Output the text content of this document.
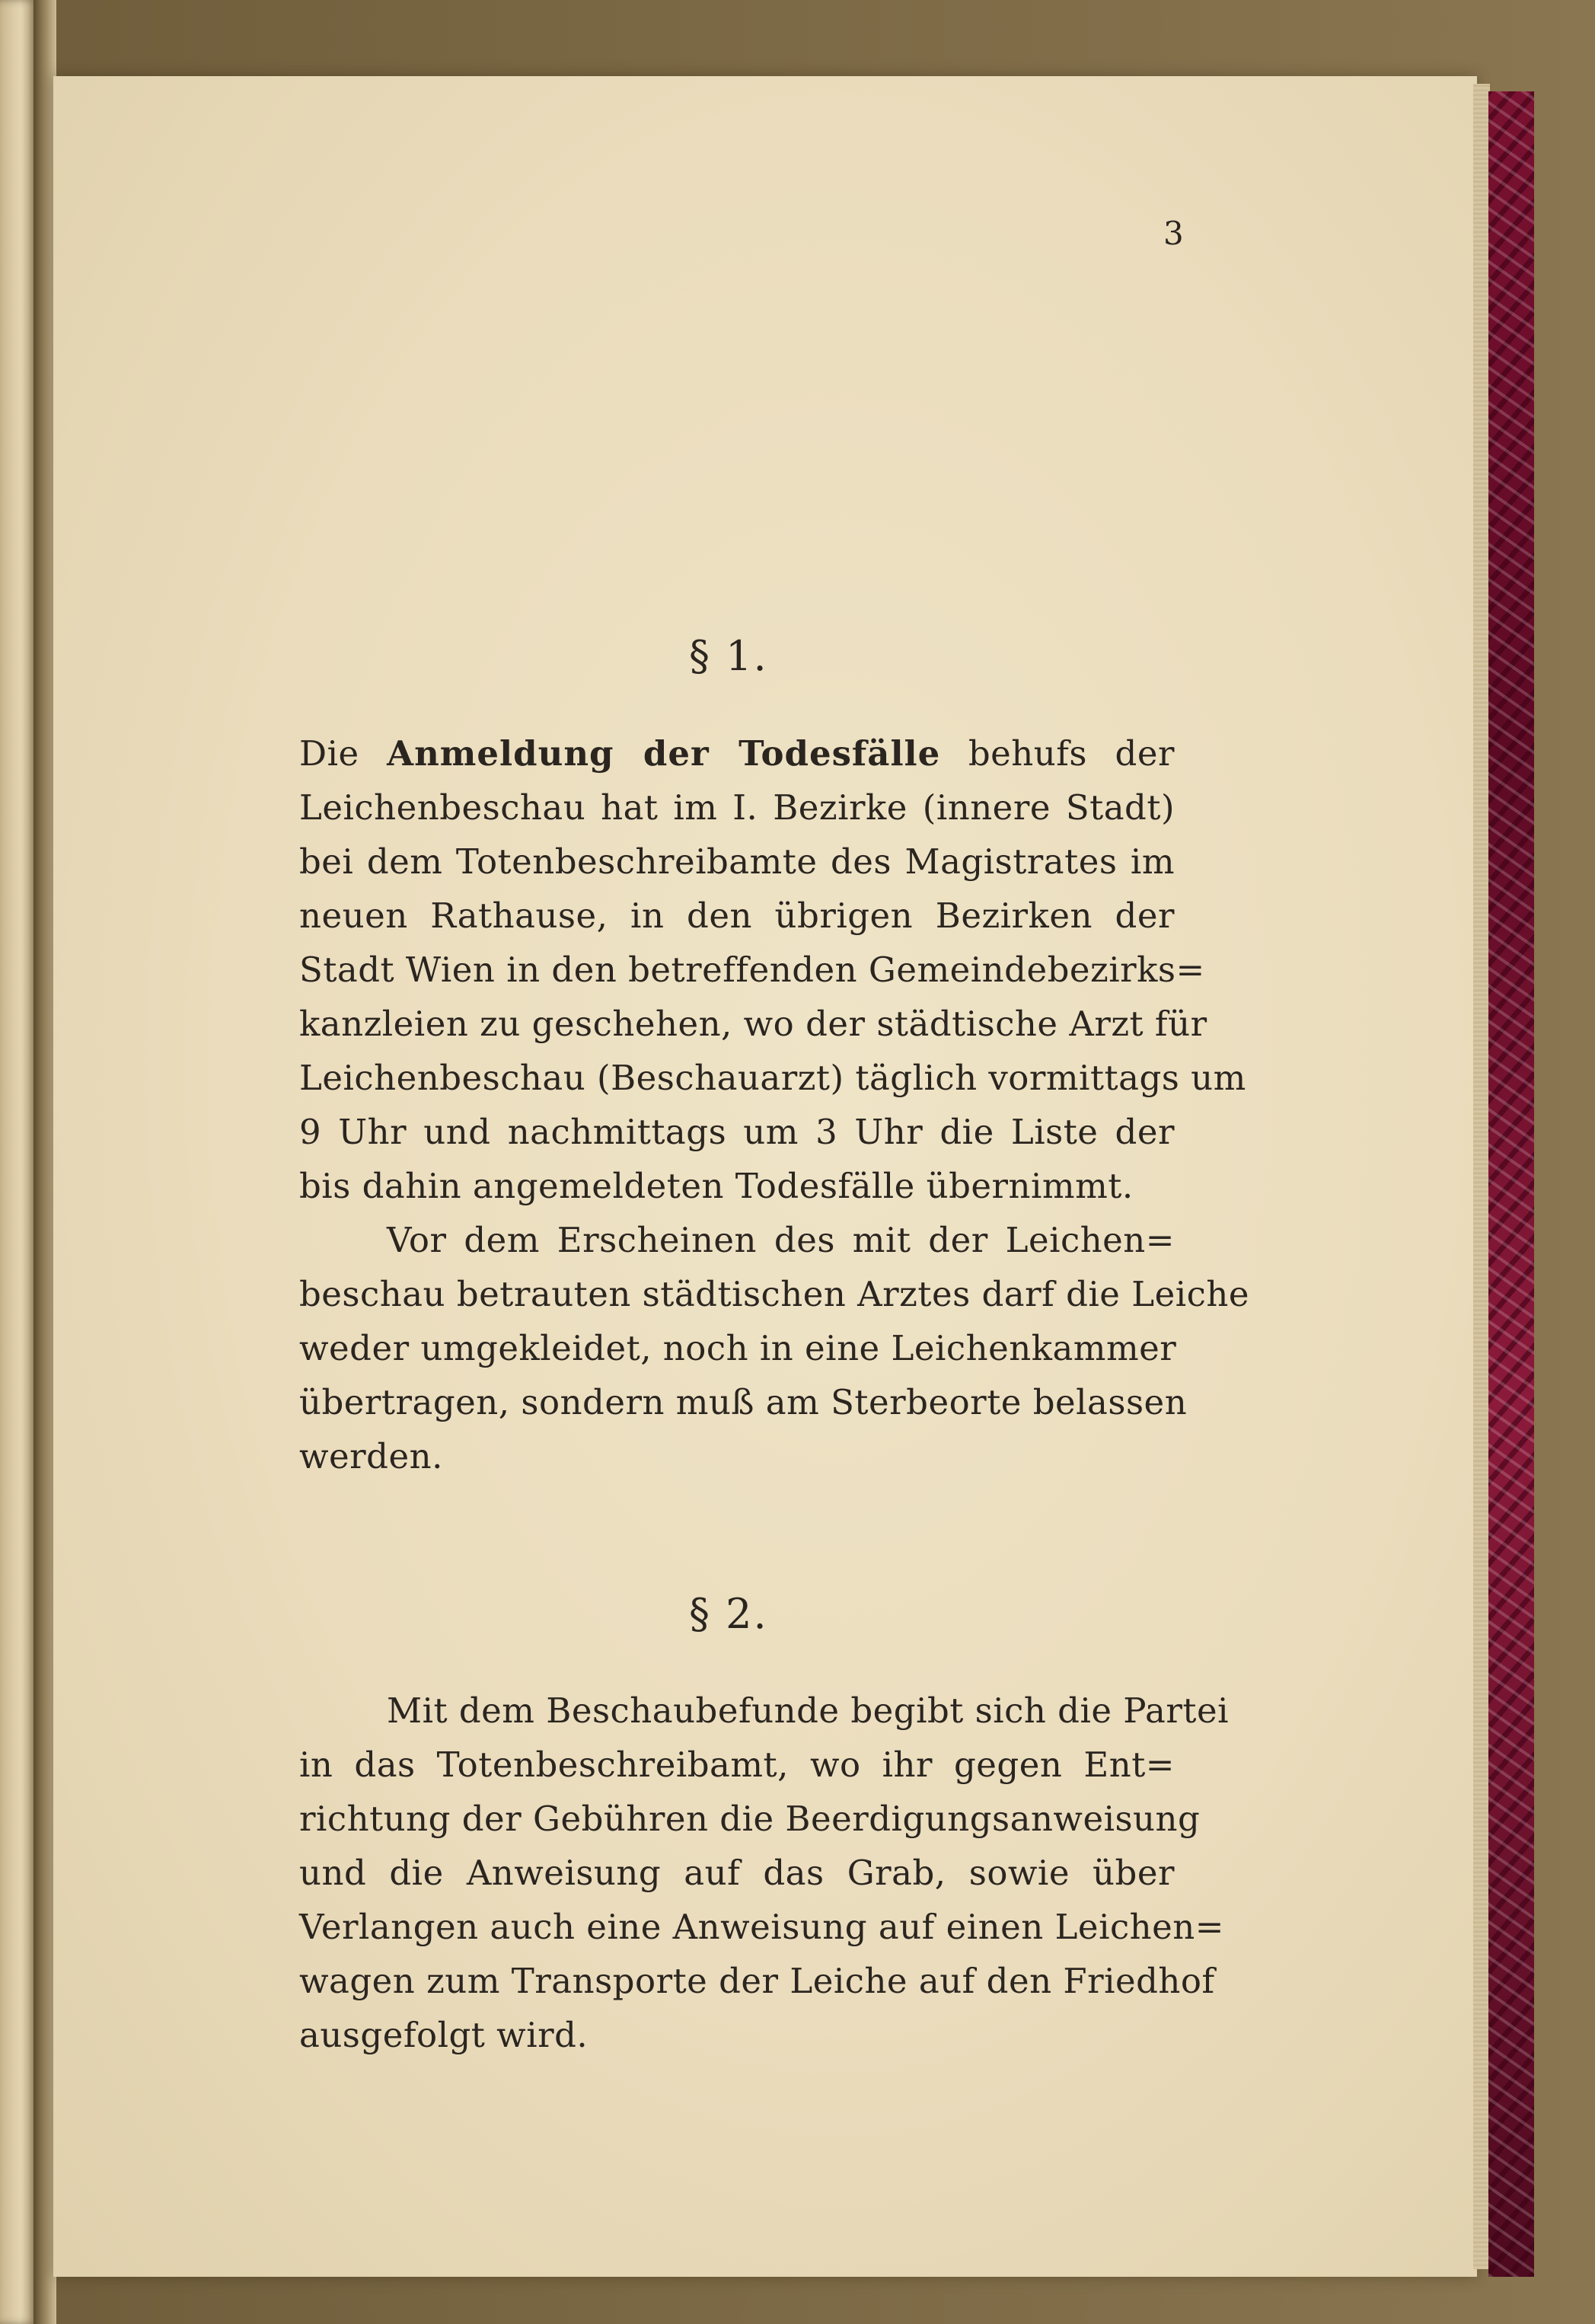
3
§ 1.
Die Anmeldung der Todesfälle behufs der
Leichenbeschau hat im I. Bezirke (innere Stadt)
bei dem Totenbeschreibamte des Magistrates im
neuen Rathause, in den übrigen Bezirken der
Stadt Wien in den betreffenden Gemeindebezirks=
kanzleien zu geschehen, wo der städtische Arzt für
Leichenbeschau (Beschauarzt) täglich vormittags um
9 Uhr und nachmittags um 3 Uhr die Liste der
bis dahin angemeldeten Todesfälle übernimmt.
Vor dem Erscheinen des mit der Leichen=
beschau betrauten städtischen Arztes darf die Leiche
weder umgekleidet, noch in eine Leichenkammer
übertragen, sondern muß am Sterbeorte belassen
werden.
§ 2.
Mit dem Beschaubefunde begibt sich die Partei
in das Totenbeschreibamt, wo ihr gegen Ent=
richtung der Gebühren die Beerdigungsanweisung
und die Anweisung auf das Grab, sowie über
Verlangen auch eine Anweisung auf einen Leichen=
wagen zum Transporte der Leiche auf den Friedhof
ausgefolgt wird.
